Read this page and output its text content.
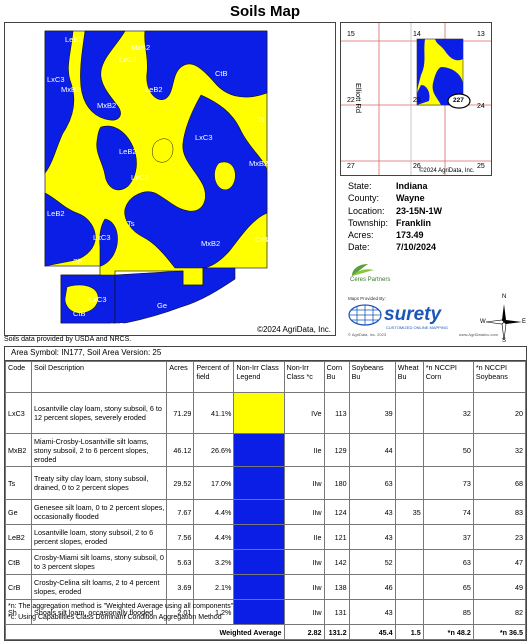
Soils Map
LeB2
MxB2
LxC3
LxC3
MxB2
MxB2
LeB2
CtB
Ts
LeB2
LxC3
LxC3
MxB2
LeB2
Ts
LxC3
MxB2	CrB
Sh
LxC3
CtB
Ge
LeB2	©2024 AgriData, Inc.
15	14	13
22	23
24
27	26	25
Elliott Rd	227
©2024 AgriData, Inc.
State:	Indiana
County:	Wayne
Location:	23-15N-1W
Township: Franklin
Acres:	173.49
Date:	7/10/2024
Ceres Partners
Maps Provided By:
surety
CUSTOMIZED ONLINE MAPPING
© AgriData, Inc. 2023	www.AgriDataInc.com
N
S
E
W
Soils data provided by USDA and NRCS.
Area Symbol: IN177, Soil Area Version: 25
Code	Soil Description	Acres	Percent of field	Non-Irr Class Legend	Non-Irr Class *c	Corn Bu	Soybeans Bu	Wheat Bu	*n NCCPI Corn	*n NCCPI Soybeans
LxC3	Losantville clay loam, stony subsoil, 6 to 12 percent slopes, severely eroded	71.29	41.1%		IVe	113	39		32	20
MxB2	Miami-Crosby-Losantville silt loams, stony subsoil, 2 to 6 percent slopes, eroded	46.12	26.6%		IIe	129	44		50	32
Ts	Treaty silty clay loam, stony subsoil, drained, 0 to 2 percent slopes	29.52	17.0%		IIw	180	63		73	68
Ge	Genesee silt loam, 0 to 2 percent slopes, occasionally flooded	7.67	4.4%		IIw	124	43	35	74	83
LeB2	Losantville loam, stony subsoil, 2 to 6 percent slopes, eroded	7.56	4.4%		IIe	121	43		37	23
CtB	Crosby-Miami silt loams, stony subsoil, 0 to 3 percent slopes	5.63	3.2%		IIw	142	52		63	47
CrB	Crosby-Celina silt loams, 2 to 4 percent slopes, eroded	3.69	2.1%		IIw	138	46		65	49
Sh	Shoals silt loam, occasionally flooded	2.01	1.2%		IIw	131	43		85	82
Weighted Average					2.82	131.2	45.4	1.5	*n 48.2	*n 36.5
*n: The aggregation method is "Weighted Average using all components"
*c: Using Capabilities Class Dominant Condition Aggregation Method
